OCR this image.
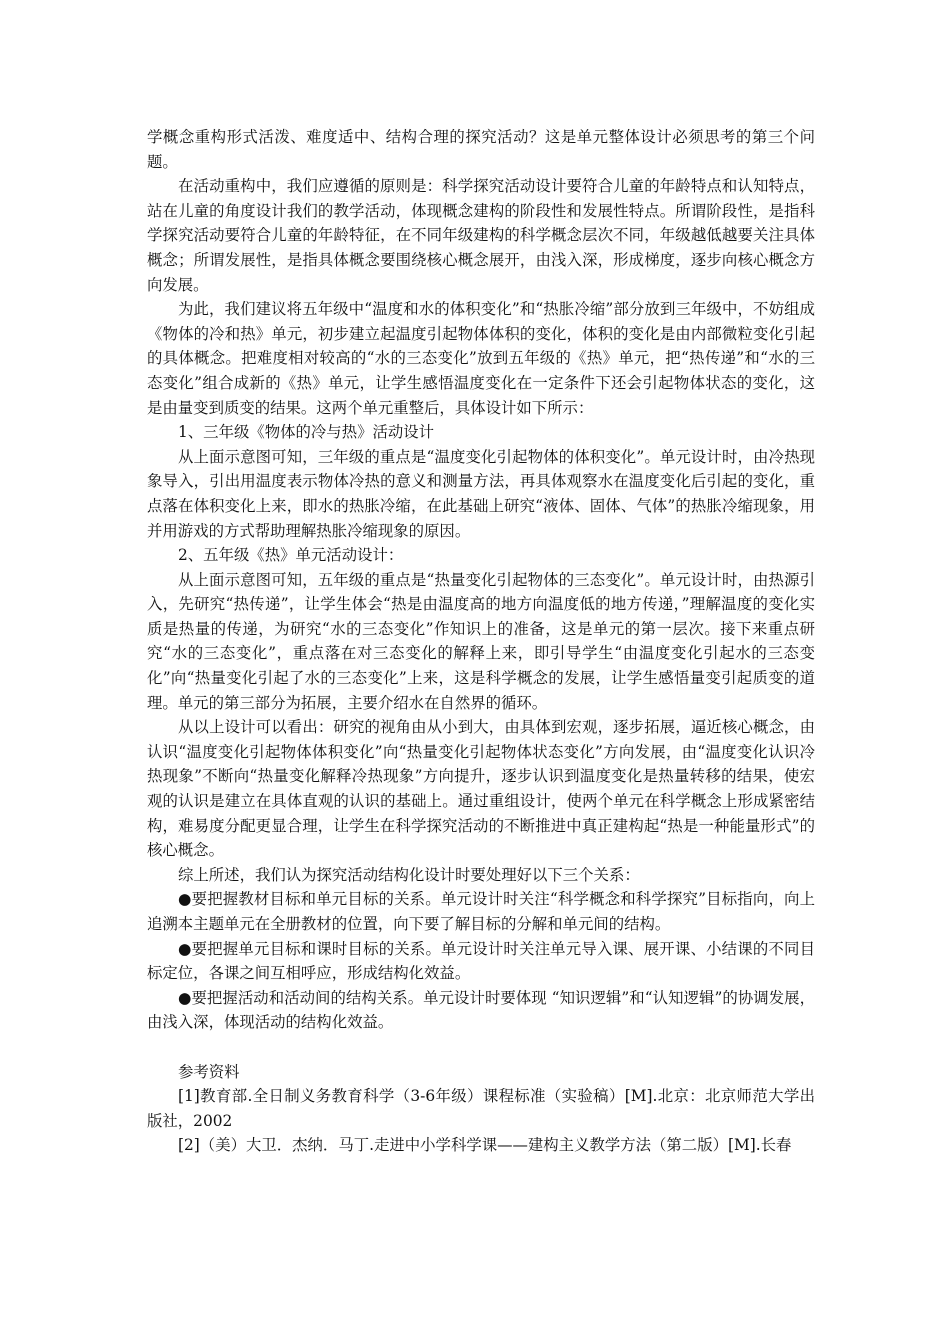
学概念重构形式活泼、难度适中、结构合理的探究活动？这是单元整体设计必须思考的第三个问题。

在活动重构中，我们应遵循的原则是：科学探究活动设计要符合儿童的年龄特点和认知特点，站在儿童的角度设计我们的教学活动，体现概念建构的阶段性和发展性特点。所谓阶段性，是指科学探究活动要符合儿童的年龄特征，在不同年级建构的科学概念层次不同，年级越低越要关注具体概念；所谓发展性，是指具体概念要围绕核心概念展开，由浅入深，形成梯度，逐步向核心概念方向发展。

为此，我们建议将五年级中“温度和水的体积变化”和“热胀冷缩”部分放到三年级中，不妨组成《物体的冷和热》单元，初步建立起温度引起物体体积的变化，体积的变化是由内部微粒变化引起的具体概念。把难度相对较高的“水的三态变化”放到五年级的《热》单元，把“热传递”和“水的三态变化”组合成新的《热》单元，让学生感悟温度变化在一定条件下还会引起物体状态的变化，这是由量变到质变的结果。这两个单元重整后，具体设计如下所示：

1、三年级《物体的冷与热》活动设计

从上面示意图可知，三年级的重点是“温度变化引起物体的体积变化”。单元设计时，由冷热现象导入，引出用温度表示物体冷热的意义和测量方法，再具体观察水在温度变化后引起的变化，重点落在体积变化上来，即水的热胀冷缩，在此基础上研究“液体、固体、气体”的热胀冷缩现象，用并用游戏的方式帮助理解热胀冷缩现象的原因。

2、五年级《热》单元活动设计：

从上面示意图可知，五年级的重点是“热量变化引起物体的三态变化”。单元设计时，由热源引入，先研究“热传递”，让学生体会“热是由温度高的地方向温度低的地方传递，”理解温度的变化实质是热量的传递，为研究“水的三态变化”作知识上的准备，这是单元的第一层次。接下来重点研究“水的三态变化”，重点落在对三态变化的解释上来，即引导学生“由温度变化引起水的三态变化”向“热量变化引起了水的三态变化”上来，这是科学概念的发展，让学生感悟量变引起质变的道理。单元的第三部分为拓展，主要介绍水在自然界的循环。

从以上设计可以看出：研究的视角由从小到大，由具体到宏观，逐步拓展，逼近核心概念，由认识“温度变化引起物体体积变化”向“热量变化引起物体状态变化”方向发展，由“温度变化认识冷热现象”不断向“热量变化解释冷热现象”方向提升，逐步认识到温度变化是热量转移的结果，使宏观的认识是建立在具体直观的认识的基础上。通过重组设计，使两个单元在科学概念上形成紧密结构，难易度分配更显合理，让学生在科学探究活动的不断推进中真正建构起“热是一种能量形式”的核心概念。

综上所述，我们认为探究活动结构化设计时要处理好以下三个关系：

●要把握教材目标和单元目标的关系。单元设计时关注“科学概念和科学探究”目标指向，向上追溯本主题单元在全册教材的位置，向下要了解目标的分解和单元间的结构。

●要把握单元目标和课时目标的关系。单元设计时关注单元导入课、展开课、小结课的不同目标定位，各课之间互相呼应，形成结构化效益。

●要把握活动和活动间的结构关系。单元设计时要体现 “知识逻辑”和“认知逻辑”的协调发展，由浅入深，体现活动的结构化效益。

参考资料

[1]教育部.全日制义务教育科学（3-6年级）课程标准（实验稿）[M].北京：北京师范大学出版社，2002

[2]（美）大卫．杰纳．马丁.走进中小学科学课——建构主义教学方法（第二版）[M].长春
